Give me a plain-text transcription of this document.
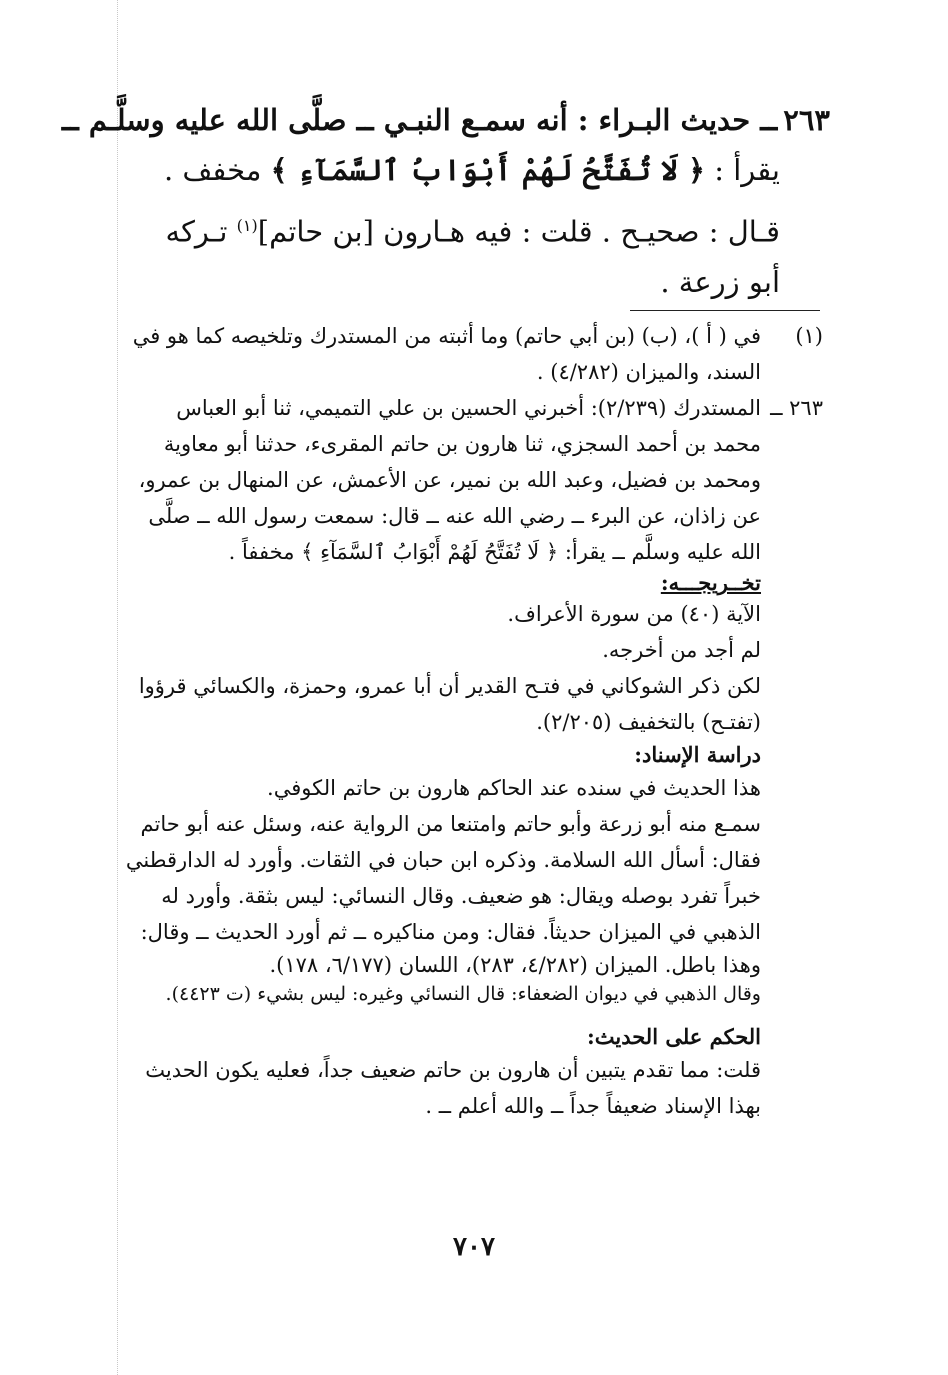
٢٦٣ــ حديث البـراء : أنه سمـع النبـي ــ صلَّى الله عليه وسلَّـم ــ
يقرأ : ﴿ لَا تُفَتَّحُ لَهُمْ أَبْوَابُ ٱلسَّمَآءِ ﴾ مخفف .
قـال : صحيـح . قلت : فيه هـارون [بن حاتم]$^{(١)}$ تـركه
أبو زرعة .
(١)
في ( أ )، (ب) (بن أبي حاتم) وما أثبته من المستدرك وتلخيصه كما هو في
السند، والميزان (٤/٢٨٢) .
٢٦٣ ــ
المستدرك (٢/٢٣٩): أخبرني الحسين بن علي التميمي، ثنا أبو العباس
محمد بن أحمد السجزي، ثنا هارون بن حاتم المقرىء، حدثنا أبو معاوية
ومحمد بن فضيل، وعبد الله بن نمير، عن الأعمش، عن المنهال بن عمرو،
عن زاذان، عن البرء ــ رضي الله عنه ــ قال: سمعت رسول الله ــ صلَّى
الله عليه وسلَّم ــ يقرأ: ﴿ لَا تُفَتَّحُ لَهُمْ أَبْوَابُ ٱلسَّمَآءِ ﴾ مخففاً .
تخــريجـــه:
الآية (٤٠) من سورة الأعراف.
لم أجد من أخرجه.
لكن ذكر الشوكاني في فتـح القدير أن أبا عمرو، وحمزة، والكسائي قرؤوا
(تفتـح) بالتخفيف (٢/٢٠٥).
دراسة الإسناد:
هذا الحديث في سنده عند الحاكم هارون بن حاتم الكوفي.
سمـع منه أبو زرعة وأبو حاتم وامتنعا من الرواية عنه، وسئل عنه أبو حاتم
فقال: أسأل الله السلامة. وذكره ابن حبان في الثقات. وأورد له الدارقطني
خبراً تفرد بوصله ويقال: هو ضعيف. وقال النسائي: ليس بثقة. وأورد له
الذهبي في الميزان حديثاً. فقال: ومن مناكيره ــ ثم أورد الحديث ــ وقال:
وهذا باطل. الميزان (٤/٢٨٢، ٢٨٣)، اللسان (٦/١٧٧، ١٧٨).
وقال الذهبي في ديوان الضعفاء: قال النسائي وغيره: ليس بشيء (ت ٤٤٢٣).
الحكم على الحديث:
قلت: مما تقدم يتبين أن هارون بن حاتم ضعيف جداً، فعليه يكون الحديث
بهذا الإسناد ضعيفاً جداً ــ والله أعلم ــ .
٧٠٧
